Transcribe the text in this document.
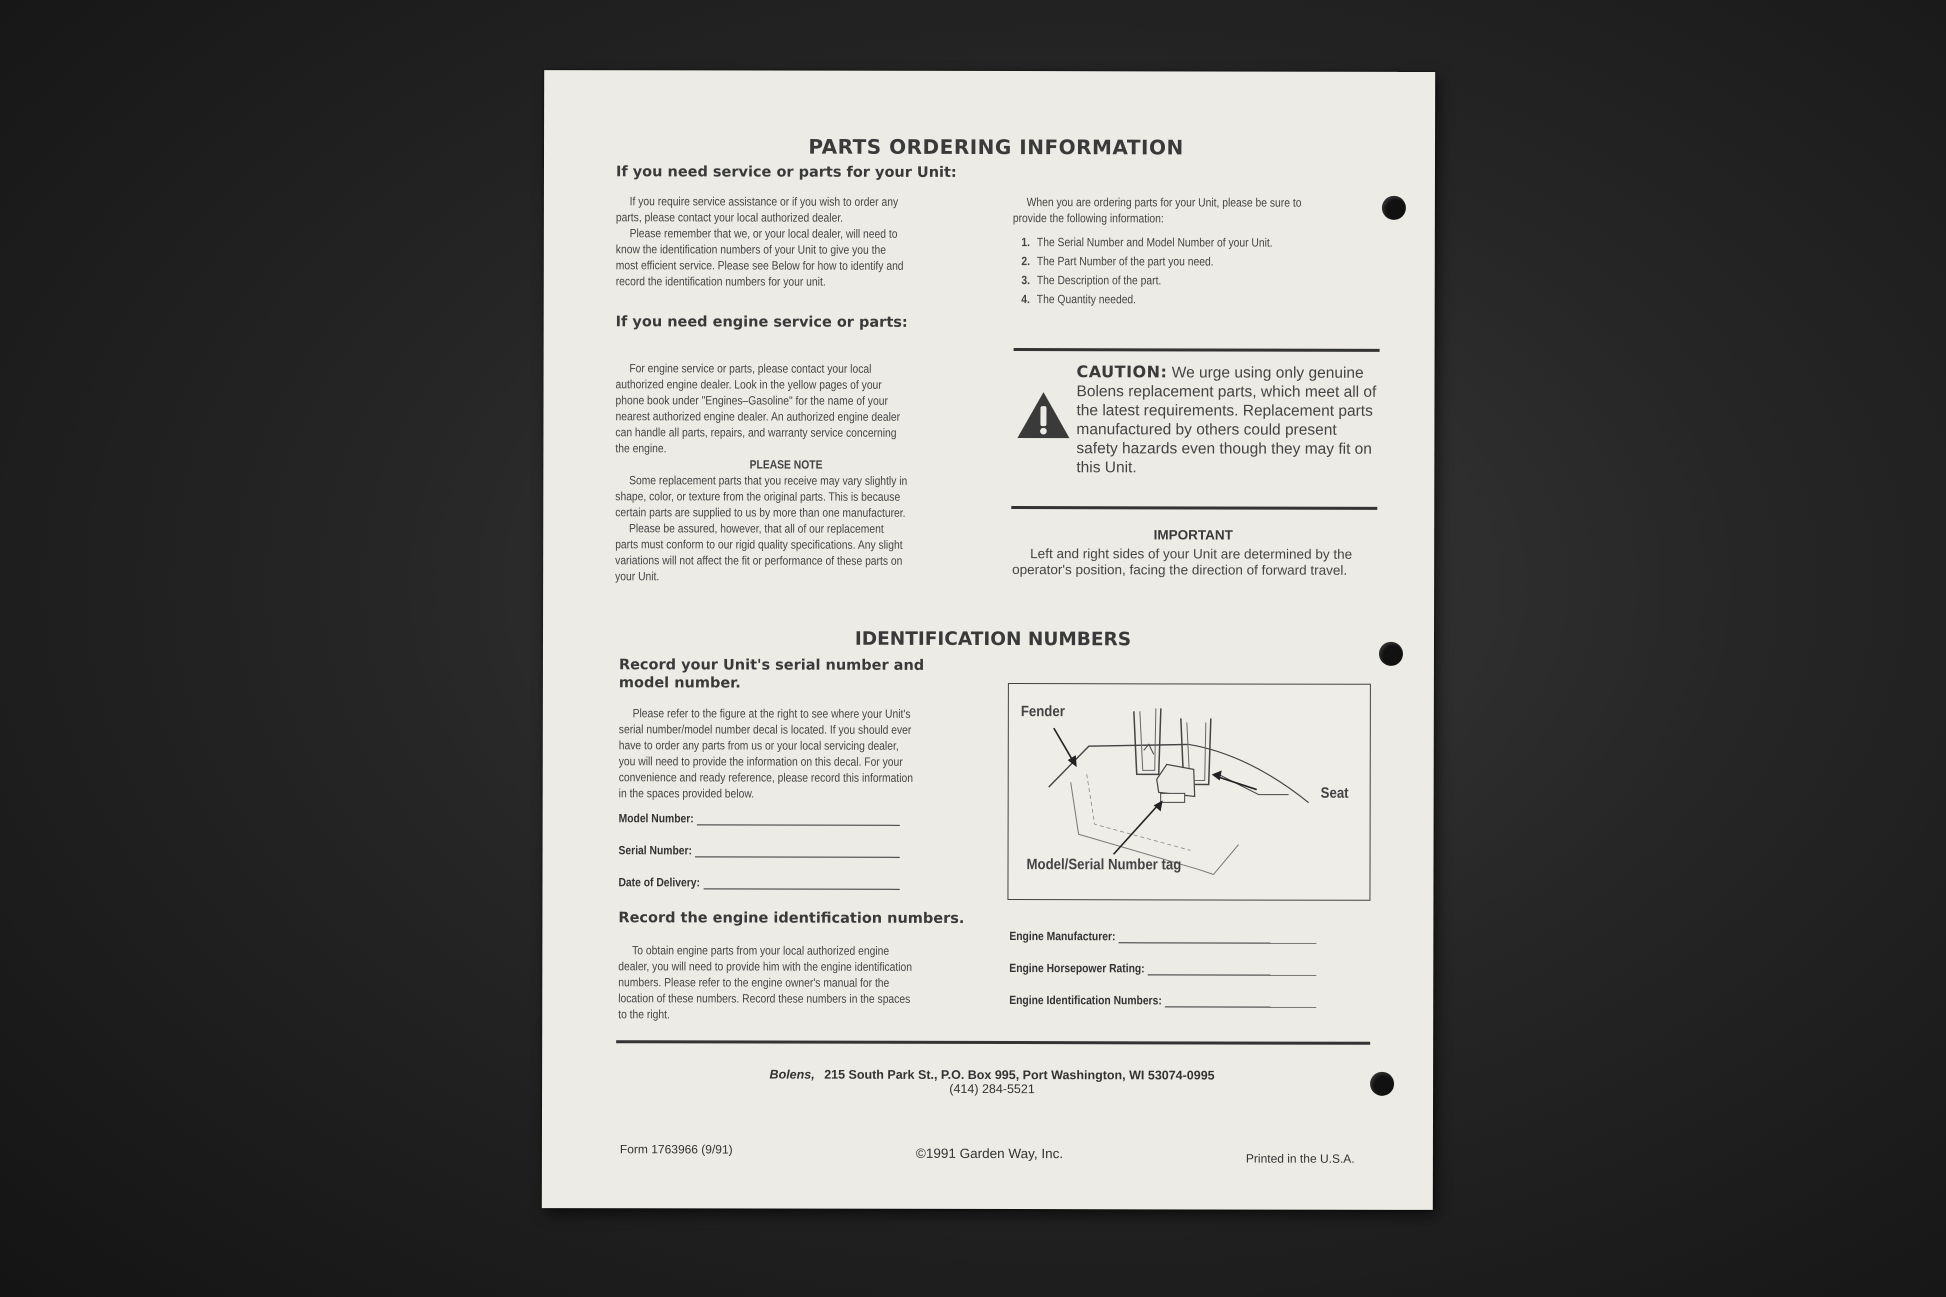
PARTS ORDERING INFORMATION
If you need service or parts for your Unit:

If you require service assistance or if you wish to order any parts, please contact your local authorized dealer.

Please remember that we, or your local dealer, will need to know the identification numbers of your Unit to give you the most efficient service. Please see Below for how to identify and record the identification numbers for your unit.

When you are ordering parts for your Unit, please be sure to provide the following information:
1. The Serial Number and Model Number of your Unit.
2. The Part Number of the part you need.
3. The Description of the part.
4. The Quantity needed.
If you need engine service or parts:

For engine service or parts, please contact your local authorized engine dealer. Look in the yellow pages of your phone book under "Engines–Gasoline" for the name of your nearest authorized engine dealer. An authorized engine dealer can handle all parts, repairs, and warranty service concerning the engine.

CAUTION: We urge using only genuine Bolens replacement parts, which meet all of the latest requirements. Replacement parts manufactured by others could present safety hazards even though they may fit on this Unit.
PLEASE NOTE

Some replacement parts that you receive may vary slightly in shape, color, or texture from the original parts. This is because certain parts are supplied to us by more than one manufacturer.

Please be assured, however, that all of our replacement parts must conform to our rigid quality specifications. Any slight variations will not affect the fit or performance of these parts on your Unit.

IMPORTANT
Left and right sides of your Unit are determined by the operator's position, facing the direction of forward travel.
IDENTIFICATION NUMBERS
Record your Unit's serial number and model number.

Please refer to the figure at the right to see where your Unit's serial number/model number decal is located. If you should ever have to order any parts from us or your local servicing dealer, you will need to provide the information on this decal. For your convenience and ready reference, please record this information in the spaces provided below.

Model Number:
Serial Number:
Date of Delivery:
Record the engine identification numbers.

To obtain engine parts from your local authorized engine dealer, you will need to provide him with the engine identification numbers. Please refer to the engine owner's manual for the location of these numbers. Record these numbers in the spaces to the right.

Fender
Seat
Model/Serial Number tag
Engine Manufacturer:
Engine Horsepower Rating:
Engine Identification Numbers:
Bolens, 215 South Park St., P.O. Box 995, Port Washington, WI 53074-0995
(414) 284-5521
Form 1763966 (9/91)	©1991 Garden Way, Inc.	Printed in the U.S.A.
